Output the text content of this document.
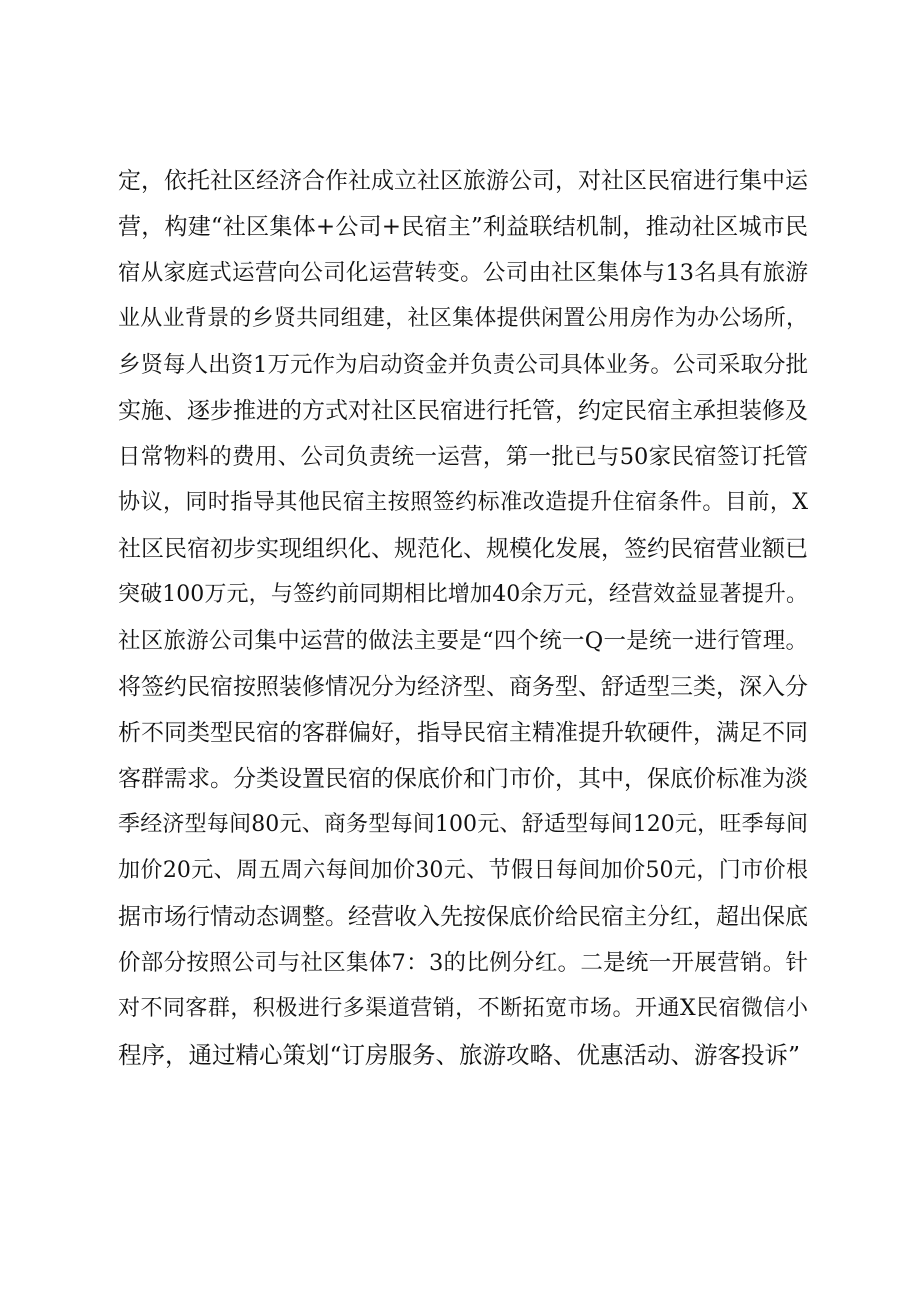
定，依托社区经济合作社成立社区旅游公司，对社区民宿进行集中运
营，构建“社区集体+公司+民宿主”利益联结机制，推动社区城市民
宿从家庭式运营向公司化运营转变。公司由社区集体与13名具有旅游
业从业背景的乡贤共同组建，社区集体提供闲置公用房作为办公场所，
乡贤每人出资1万元作为启动资金并负责公司具体业务。公司采取分批
实施、逐步推进的方式对社区民宿进行托管，约定民宿主承担装修及
日常物料的费用、公司负责统一运营，第一批已与50家民宿签订托管
协议，同时指导其他民宿主按照签约标准改造提升住宿条件。目前，X
社区民宿初步实现组织化、规范化、规模化发展，签约民宿营业额已
突破100万元，与签约前同期相比增加40余万元，经营效益显著提升。
社区旅游公司集中运营的做法主要是“四个统一Q一是统一进行管理。
将签约民宿按照装修情况分为经济型、商务型、舒适型三类，深入分
析不同类型民宿的客群偏好，指导民宿主精准提升软硬件，满足不同
客群需求。分类设置民宿的保底价和门市价，其中，保底价标准为淡
季经济型每间80元、商务型每间100元、舒适型每间120元，旺季每间
加价20元、周五周六每间加价30元、节假日每间加价50元，门市价根
据市场行情动态调整。经营收入先按保底价给民宿主分红，超出保底
价部分按照公司与社区集体7：3的比例分红。二是统一开展营销。针
对不同客群，积极进行多渠道营销，不断拓宽市场。开通X民宿微信小
程序，通过精心策划“订房服务、旅游攻略、优惠活动、游客投诉”
